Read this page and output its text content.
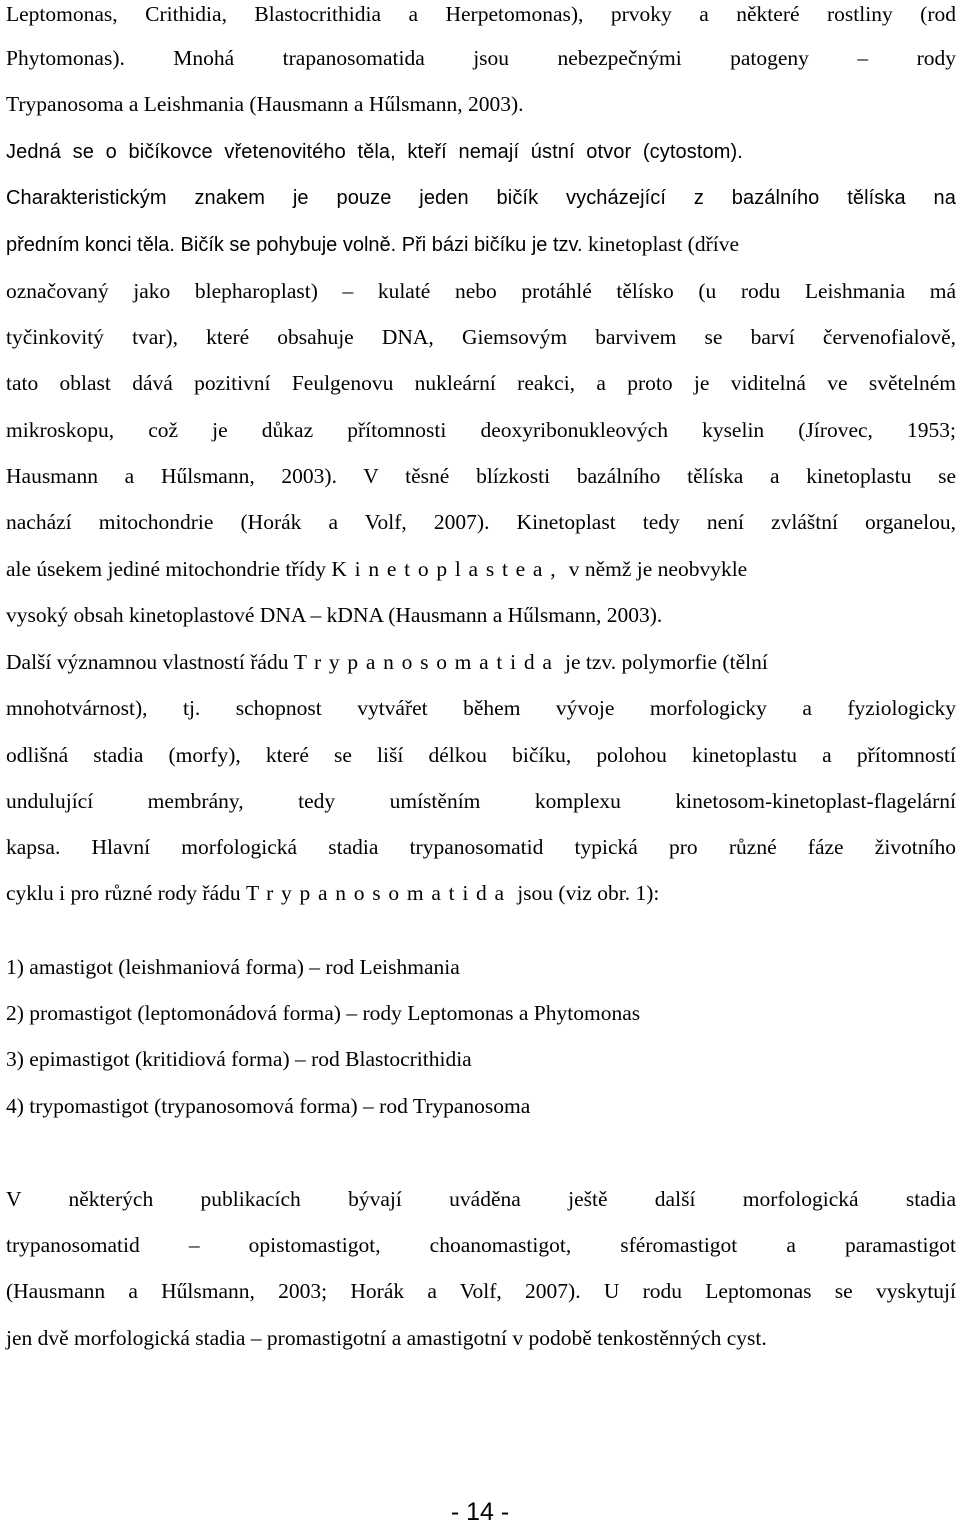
Leptomonas, Crithidia, Blastocrithidia a Herpetomonas), prvoky a některé rostliny (rod
Phytomonas). Mnohá trapanosomatida jsou nebezpečnými patogeny – rody
Trypanosoma a Leishmania (Hausmann a Hűlsmann, 2003).
Jedná se o bičíkovce vřetenovitého těla, kteří nemají ústní otvor (cytostom).
Charakteristickým znakem je pouze jeden bičík vycházející z bazálního tělíska na
předním konci těla. Bičík se pohybuje volně. Při bázi bičíku je tzv. kinetoplast (dříve
označovaný jako blepharoplast) – kulaté nebo protáhlé tělísko (u rodu Leishmania má
tyčinkovitý tvar), které obsahuje DNA, Giemsovým barvivem se barví červenofialově,
tato oblast dává pozitivní Feulgenovu nukleární reakci, a proto je viditelná ve světelném
mikroskopu, což je důkaz přítomnosti deoxyribonukleových kyselin (Jírovec, 1953;
Hausmann a Hűlsmann, 2003). V těsné blízkosti bazálního tělíska a kinetoplastu se
nachází mitochondrie (Horák a Volf, 2007). Kinetoplast tedy není zvláštní organelou,
ale úsekem jediné mitochondrie třídy Kinetoplastea, v němž je neobvykle
vysoký obsah kinetoplastové DNA – kDNA (Hausmann a Hűlsmann, 2003).
Další významnou vlastností řádu Trypanosomatida je tzv. polymorfie (tělní
mnohotvárnost), tj. schopnost vytvářet během vývoje morfologicky a fyziologicky
odlišná stadia (morfy), které se liší délkou bičíku, polohou kinetoplastu a přítomností
undulující membrány, tedy umístěním komplexu kinetosom-kinetoplast-flagelární
kapsa. Hlavní morfologická stadia trypanosomatid typická pro různé fáze životního
cyklu i pro různé rody řádu Trypanosomatida jsou (viz obr. 1):
1) amastigot (leishmaniová forma) – rod Leishmania
2) promastigot (leptomonádová forma) – rody Leptomonas a Phytomonas
3) epimastigot (kritidiová forma) – rod Blastocrithidia
4) trypomastigot (trypanosomová forma) – rod Trypanosoma
V některých publikacích bývají uváděna ještě další morfologická stadia
trypanosomatid – opistomastigot, choanomastigot, sféromastigot a paramastigot
(Hausmann a Hűlsmann, 2003; Horák a Volf, 2007). U rodu Leptomonas se vyskytují
jen dvě morfologická stadia – promastigotní a amastigotní v podobě tenkostěnných cyst.
- 14 -
